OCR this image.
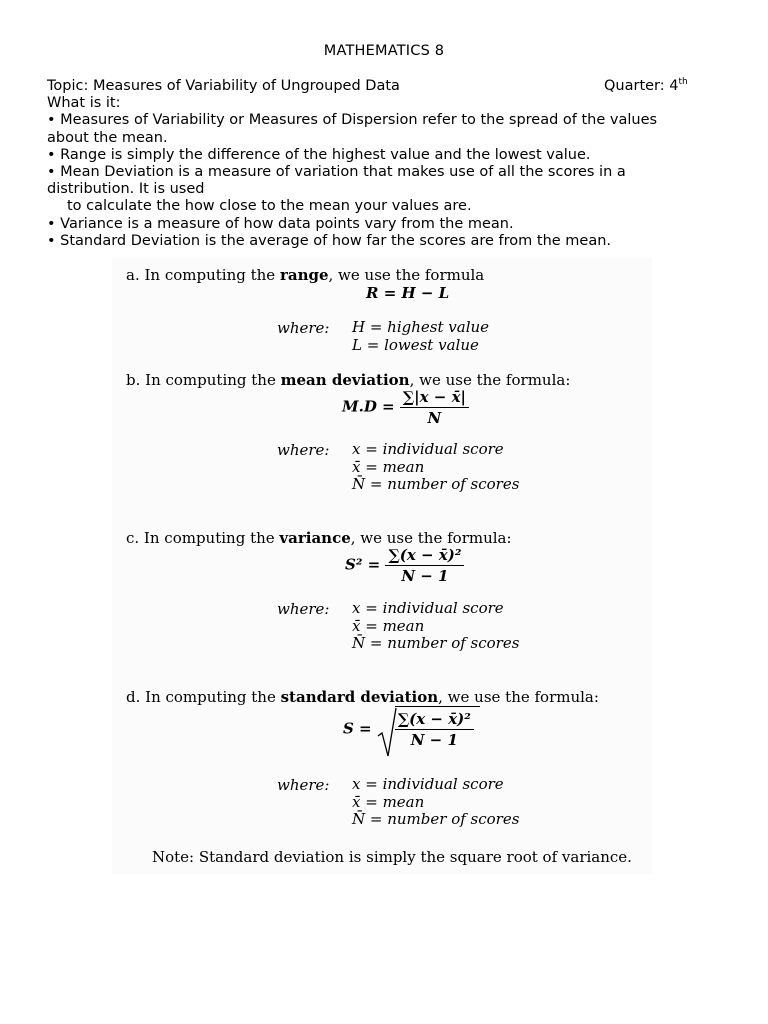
MATHEMATICS 8
Topic: Measures of Variability of Ungrouped Data	Quarter: 4th
What is it:
• Measures of Variability or Measures of Dispersion refer to the spread of the values
about the mean.
• Range is simply the difference of the highest value and the lowest value.
• Mean Deviation is a measure of variation that makes use of all the scores in a
distribution. It is used
to calculate the how close to the mean your values are.
• Variance is a measure of how data points vary from the mean.
• Standard Deviation is the average of how far the scores are from the mean.
a. In computing the range, we use the formula
R = H − L
where: H = highest value
L = lowest value
b. In computing the mean deviation, we use the formula:
$M.D = \frac{\sum|x - x̄|}{N}$
where: x = individual score
x̄ = mean
N̄ = number of scores
c. In computing the variance, we use the formula:
$S^2 = \frac{\text{∑(x − x̄)²}}{N - 1}$
where: x = individual score
x̄ = mean
N̄ = number of scores
d. In computing the standard deviation, we use the formula:
$S = \frac{\text{∑(x − x̄)²}}{N - 1}$
where: x = individual score
x̄ = mean
N̄ = number of scores
Note: Standard deviation is simply the square root of variance.
